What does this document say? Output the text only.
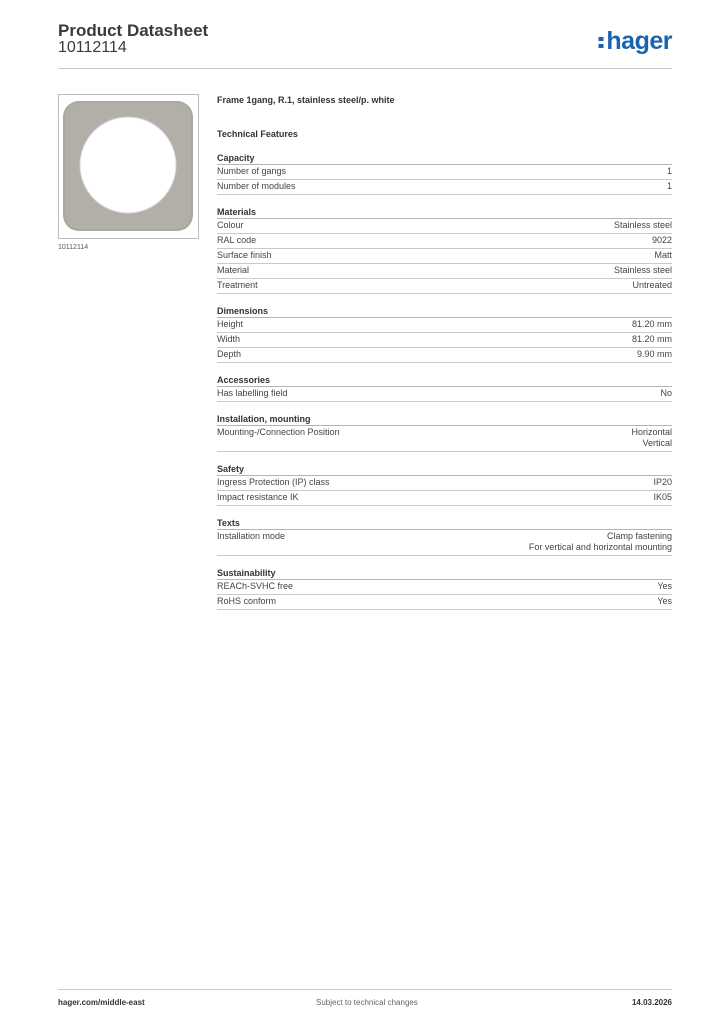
Product Datasheet
10112114	hager
10112114
Frame 1gang, R.1, stainless steel/p. white
Technical Features
Capacity
Number of gangs	1
Number of modules	1
Materials
Colour	Stainless steel
RAL code	9022
Surface finish	Matt
Material	Stainless steel
Treatment	Untreated
Dimensions
Height	81.20 mm
Width	81.20 mm
Depth	9.90 mm
Accessories
Has labelling field	No
Installation, mounting
Mounting-/Connection Position	Horizontal
Vertical
Safety
Ingress Protection (IP) class	IP20
Impact resistance IK	IK05
Texts
Installation mode	Clamp fastening
For vertical and horizontal mounting
Sustainability
REACh-SVHC free	Yes
RoHS conform	Yes
hager.com/middle-east	Subject to technical changes	14.03.2026
